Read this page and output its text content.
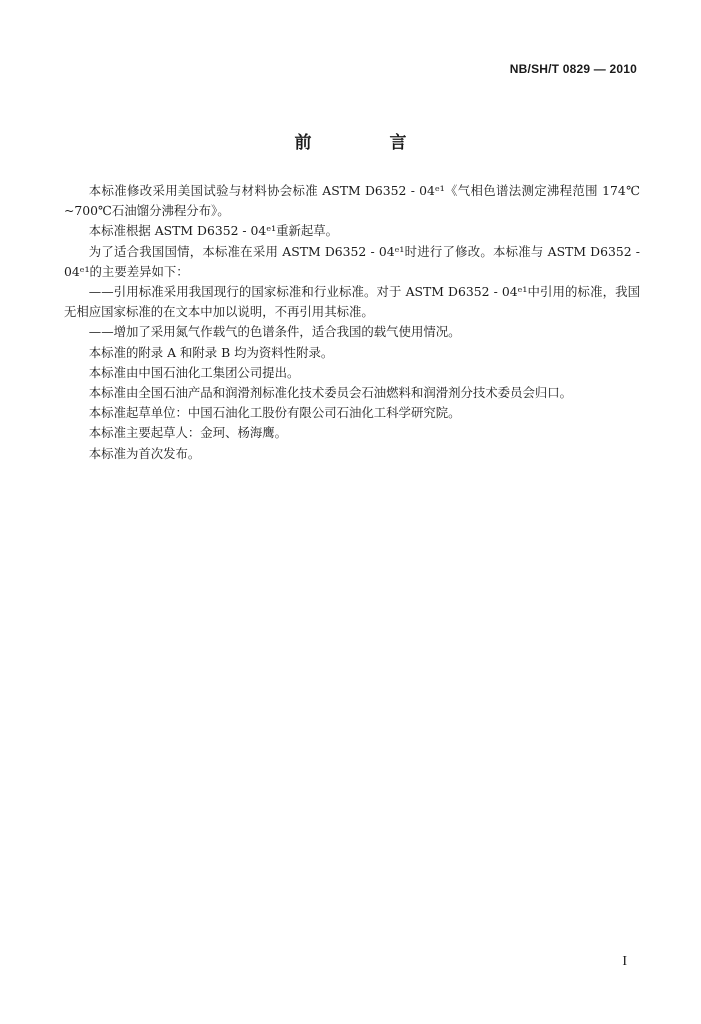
NB/SH/T 0829 — 2010
前 言

本标准修改采用美国试验与材料协会标准 ASTM D6352 - 04ᵉ¹《气相色谱法测定沸程范围 174℃ ~700℃石油馏分沸程分布》。

本标准根据 ASTM D6352 - 04ᵉ¹重新起草。

为了适合我国国情，本标准在采用 ASTM D6352 - 04ᵉ¹时进行了修改。本标准与 ASTM D6352 - 04ᵉ¹的主要差异如下：

——引用标准采用我国现行的国家标准和行业标准。对于 ASTM D6352 - 04ᵉ¹中引用的标准，我国无相应国家标准的在文本中加以说明，不再引用其标准。

——增加了采用氮气作载气的色谱条件，适合我国的载气使用情况。

本标准的附录 A 和附录 B 均为资料性附录。

本标准由中国石油化工集团公司提出。

本标准由全国石油产品和润滑剂标准化技术委员会石油燃料和润滑剂分技术委员会归口。

本标准起草单位：中国石油化工股份有限公司石油化工科学研究院。

本标准主要起草人：金珂、杨海鹰。

本标准为首次发布。

I
